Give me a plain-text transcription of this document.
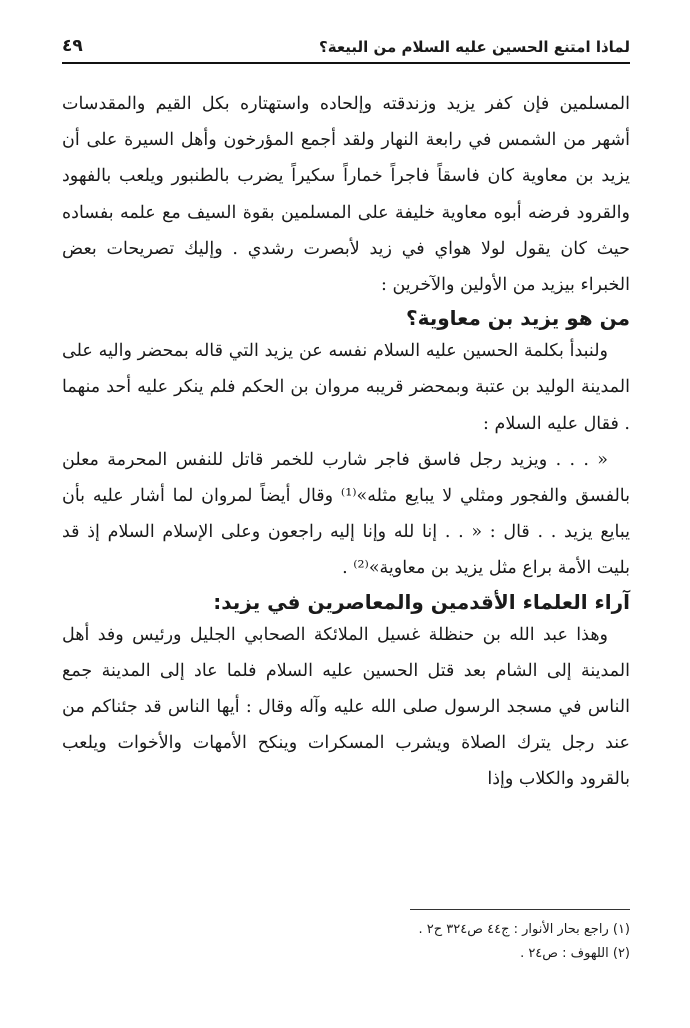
لماذا امتنع الحسين عليه السلام من البيعة؟
٤٩

المسلمين فإن كفر يزيد وزندقته وإلحاده واستهتاره بكل القيم والمقدسات أشهر من الشمس في رابعة النهار ولقد أجمع المؤرخون وأهل السيرة على أن يزيد بن معاوية كان فاسقاً فاجراً خماراً سكيراً يضرب بالطنبور ويلعب بالفهود والقرود فرضه أبوه معاوية خليفة على المسلمين بقوة السيف مع علمه بفساده حيث كان يقول لولا هواي في زيد لأبصرت رشدي . وإليك تصريحات بعض الخبراء بيزيد من الأولين والآخرين :

من هو يزيد بن معاوية؟

ولنبدأ بكلمة الحسين عليه السلام نفسه عن يزيد التي قاله بمحضر واليه على المدينة الوليد بن عتبة وبمحضر قريبه مروان بن الحكم فلم ينكر عليه أحد منهما . فقال عليه السلام :

« . . . ويزيد رجل فاسق فاجر شارب للخمر قاتل للنفس المحرمة معلن بالفسق والفجور ومثلي لا يبايع مثله»⁽¹⁾ وقال أيضاً لمروان لما أشار عليه بأن يبايع يزيد . . قال : « . . إنا لله وإنا إليه راجعون وعلى الإسلام السلام إذ قد بليت الأمة براع مثل يزيد بن معاوية»⁽²⁾ .

آراء العلماء الأقدمين والمعاصرين في يزيد:

وهذا عبد الله بن حنظلة غسيل الملائكة الصحابي الجليل ورئيس وفد أهل المدينة إلى الشام بعد قتل الحسين عليه السلام فلما عاد إلى المدينة جمع الناس في مسجد الرسول صلى الله عليه وآله وقال : أيها الناس قد جئناكم من عند رجل يترك الصلاة ويشرب المسكرات وينكح الأمهات والأخوات ويلعب بالقرود والكلاب وإذا

(١) راجع بحار الأنوار : ج٤٤ ص٣٢٤ ح٢ .

(٢) اللهوف : ص٢٤ .
